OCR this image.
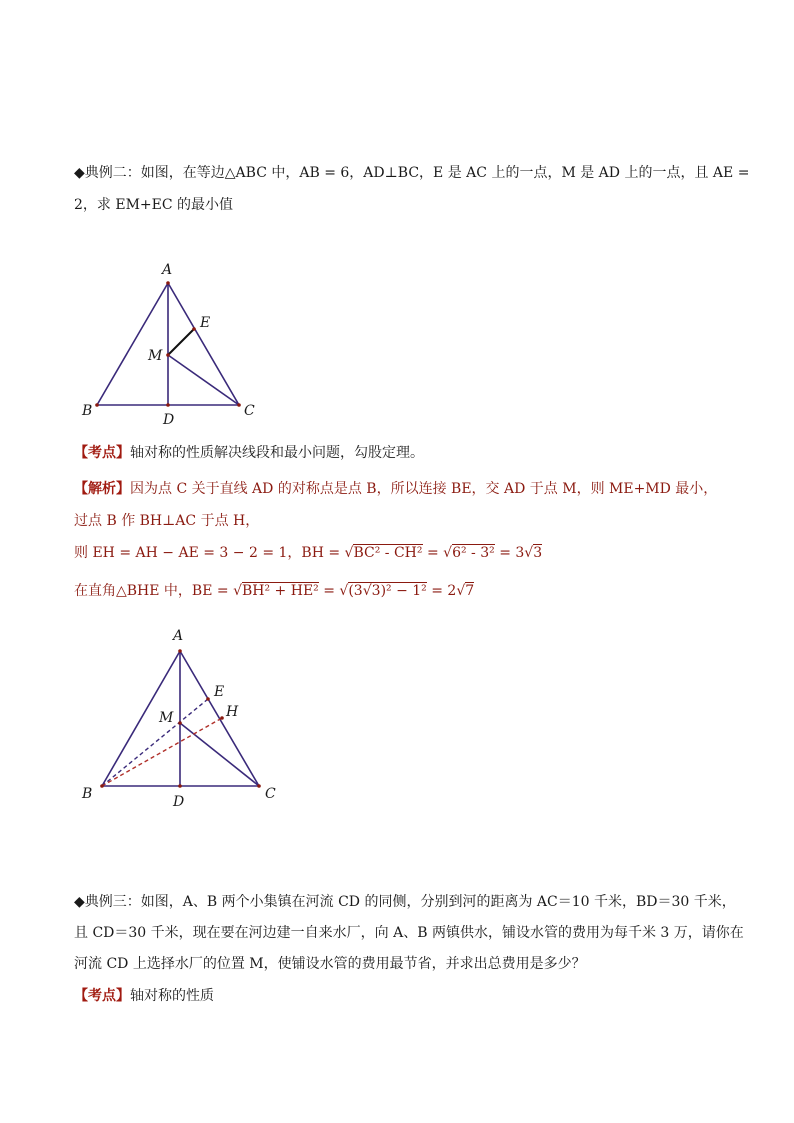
◆典例二：如图，在等边△ABC 中，AB = 6，AD⊥BC，E 是 AC 上的一点，M 是 AD 上的一点，且 AE =
2，求 EM+EC 的最小值
A
E
M
B
D
C
【考点】轴对称的性质解决线段和最小问题，勾股定理。
【解析】因为点 C 关于直线 AD 的对称点是点 B，所以连接 BE，交 AD 于点 M，则 ME+MD 最小，
过点 B 作 BH⊥AC 于点 H，
则 EH = AH − AE = 3 − 2 = 1，BH = √BC² - CH² = √6² - 3² = 3√3
在直角△BHE 中，BE = √BH² + HE² = √(3√3)² − 1² = 2√7
A
E
H
M
B	D	C
◆典例三：如图，A、B 两个小集镇在河流 CD 的同侧，分别到河的距离为 AC＝10 千米，BD＝30 千米，
且 CD＝30 千米，现在要在河边建一自来水厂，向 A、B 两镇供水，铺设水管的费用为每千米 3 万，请你在
河流 CD 上选择水厂的位置 M，使铺设水管的费用最节省，并求出总费用是多少？
【考点】轴对称的性质
